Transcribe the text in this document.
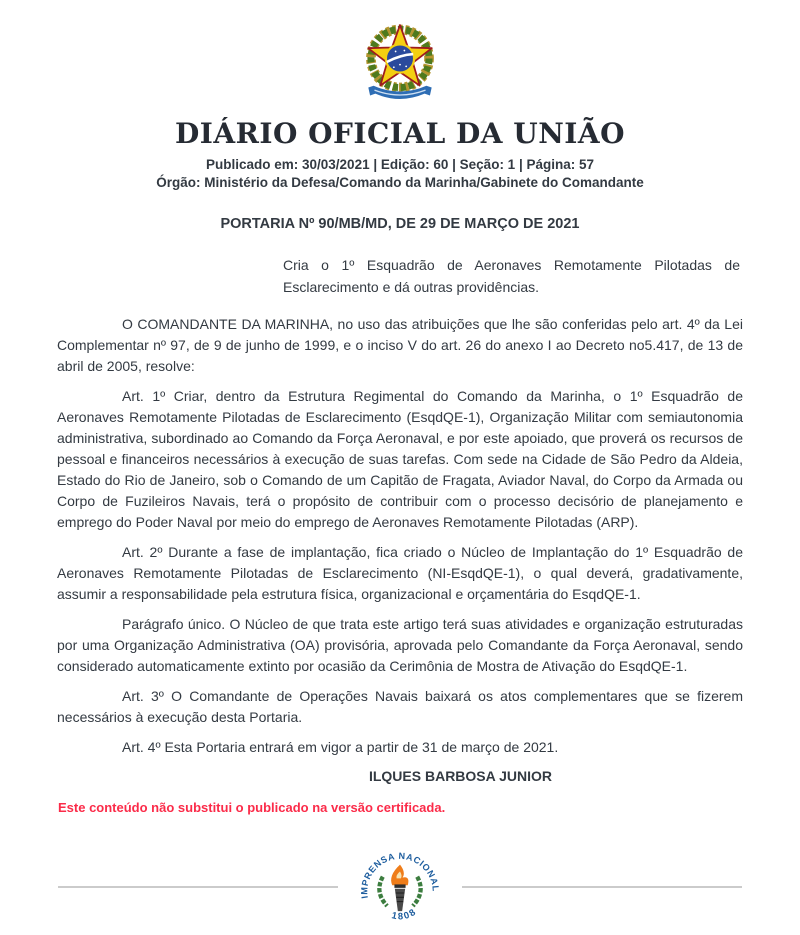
DIÁRIO OFICIAL DA UNIÃO
Publicado em: 30/03/2021 | Edição: 60 | Seção: 1 | Página: 57
Órgão: Ministério da Defesa/Comando da Marinha/Gabinete do Comandante
PORTARIA Nº 90/MB/MD, DE 29 DE MARÇO DE 2021
Cria o 1º Esquadrão de Aeronaves Remotamente Pilotadas de Esclarecimento e dá outras providências.

O COMANDANTE DA MARINHA, no uso das atribuições que lhe são conferidas pelo art. 4º da Lei Complementar nº 97, de 9 de junho de 1999, e o inciso V do art. 26 do anexo I ao Decreto no5.417, de 13 de abril de 2005, resolve:

Art. 1º Criar, dentro da Estrutura Regimental do Comando da Marinha, o 1º Esquadrão de Aeronaves Remotamente Pilotadas de Esclarecimento (EsqdQE-1), Organização Militar com semiautonomia administrativa, subordinado ao Comando da Força Aeronaval, e por este apoiado, que proverá os recursos de pessoal e financeiros necessários à execução de suas tarefas. Com sede na Cidade de São Pedro da Aldeia, Estado do Rio de Janeiro, sob o Comando de um Capitão de Fragata, Aviador Naval, do Corpo da Armada ou Corpo de Fuzileiros Navais, terá o propósito de contribuir com o processo decisório de planejamento e emprego do Poder Naval por meio do emprego de Aeronaves Remotamente Pilotadas (ARP).

Art. 2º Durante a fase de implantação, fica criado o Núcleo de Implantação do 1º Esquadrão de Aeronaves Remotamente Pilotadas de Esclarecimento (NI-EsqdQE-1), o qual deverá, gradativamente, assumir a responsabilidade pela estrutura física, organizacional e orçamentária do EsqdQE-1.

Parágrafo único. O Núcleo de que trata este artigo terá suas atividades e organização estruturadas por uma Organização Administrativa (OA) provisória, aprovada pelo Comandante da Força Aeronaval, sendo considerado automaticamente extinto por ocasião da Cerimônia de Mostra de Ativação do EsqdQE-1.

Art. 3º O Comandante de Operações Navais baixará os atos complementares que se fizerem necessários à execução desta Portaria.

Art. 4º Esta Portaria entrará em vigor a partir de 31 de março de 2021.

ILQUES BARBOSA JUNIOR
Este conteúdo não substitui o publicado na versão certificada.
IMPRENSA NACIONAL
1808
